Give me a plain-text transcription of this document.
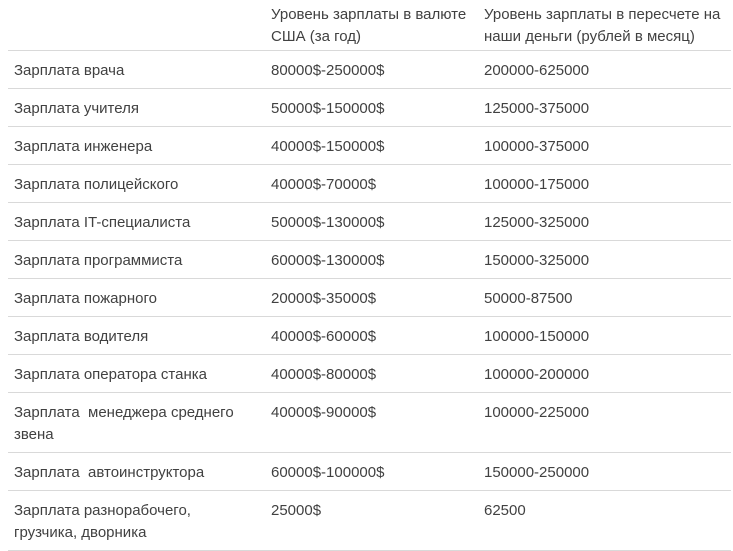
	Уровень зарплаты в валюте США (за год)	Уровень зарплаты в пересчете на наши деньги (рублей в месяц)
Зарплата врача	80000$-250000$	200000-625000
Зарплата учителя	50000$-150000$	125000-375000
Зарплата инженера	40000$-150000$	100000-375000
Зарплата полицейского	40000$-70000$	100000-175000
Зарплата IT-специалиста	50000$-130000$	125000-325000
Зарплата программиста	60000$-130000$	150000-325000
Зарплата пожарного	20000$-35000$	50000-87500
Зарплата водителя	40000$-60000$	100000-150000
Зарплата оператора станка	40000$-80000$	100000-200000
Зарплата  менеджера среднего звена	40000$-90000$	100000-225000
Зарплата  автоинструктора	60000$-100000$	150000-250000
Зарплата разнорабочего, грузчика, дворника	25000$	62500
